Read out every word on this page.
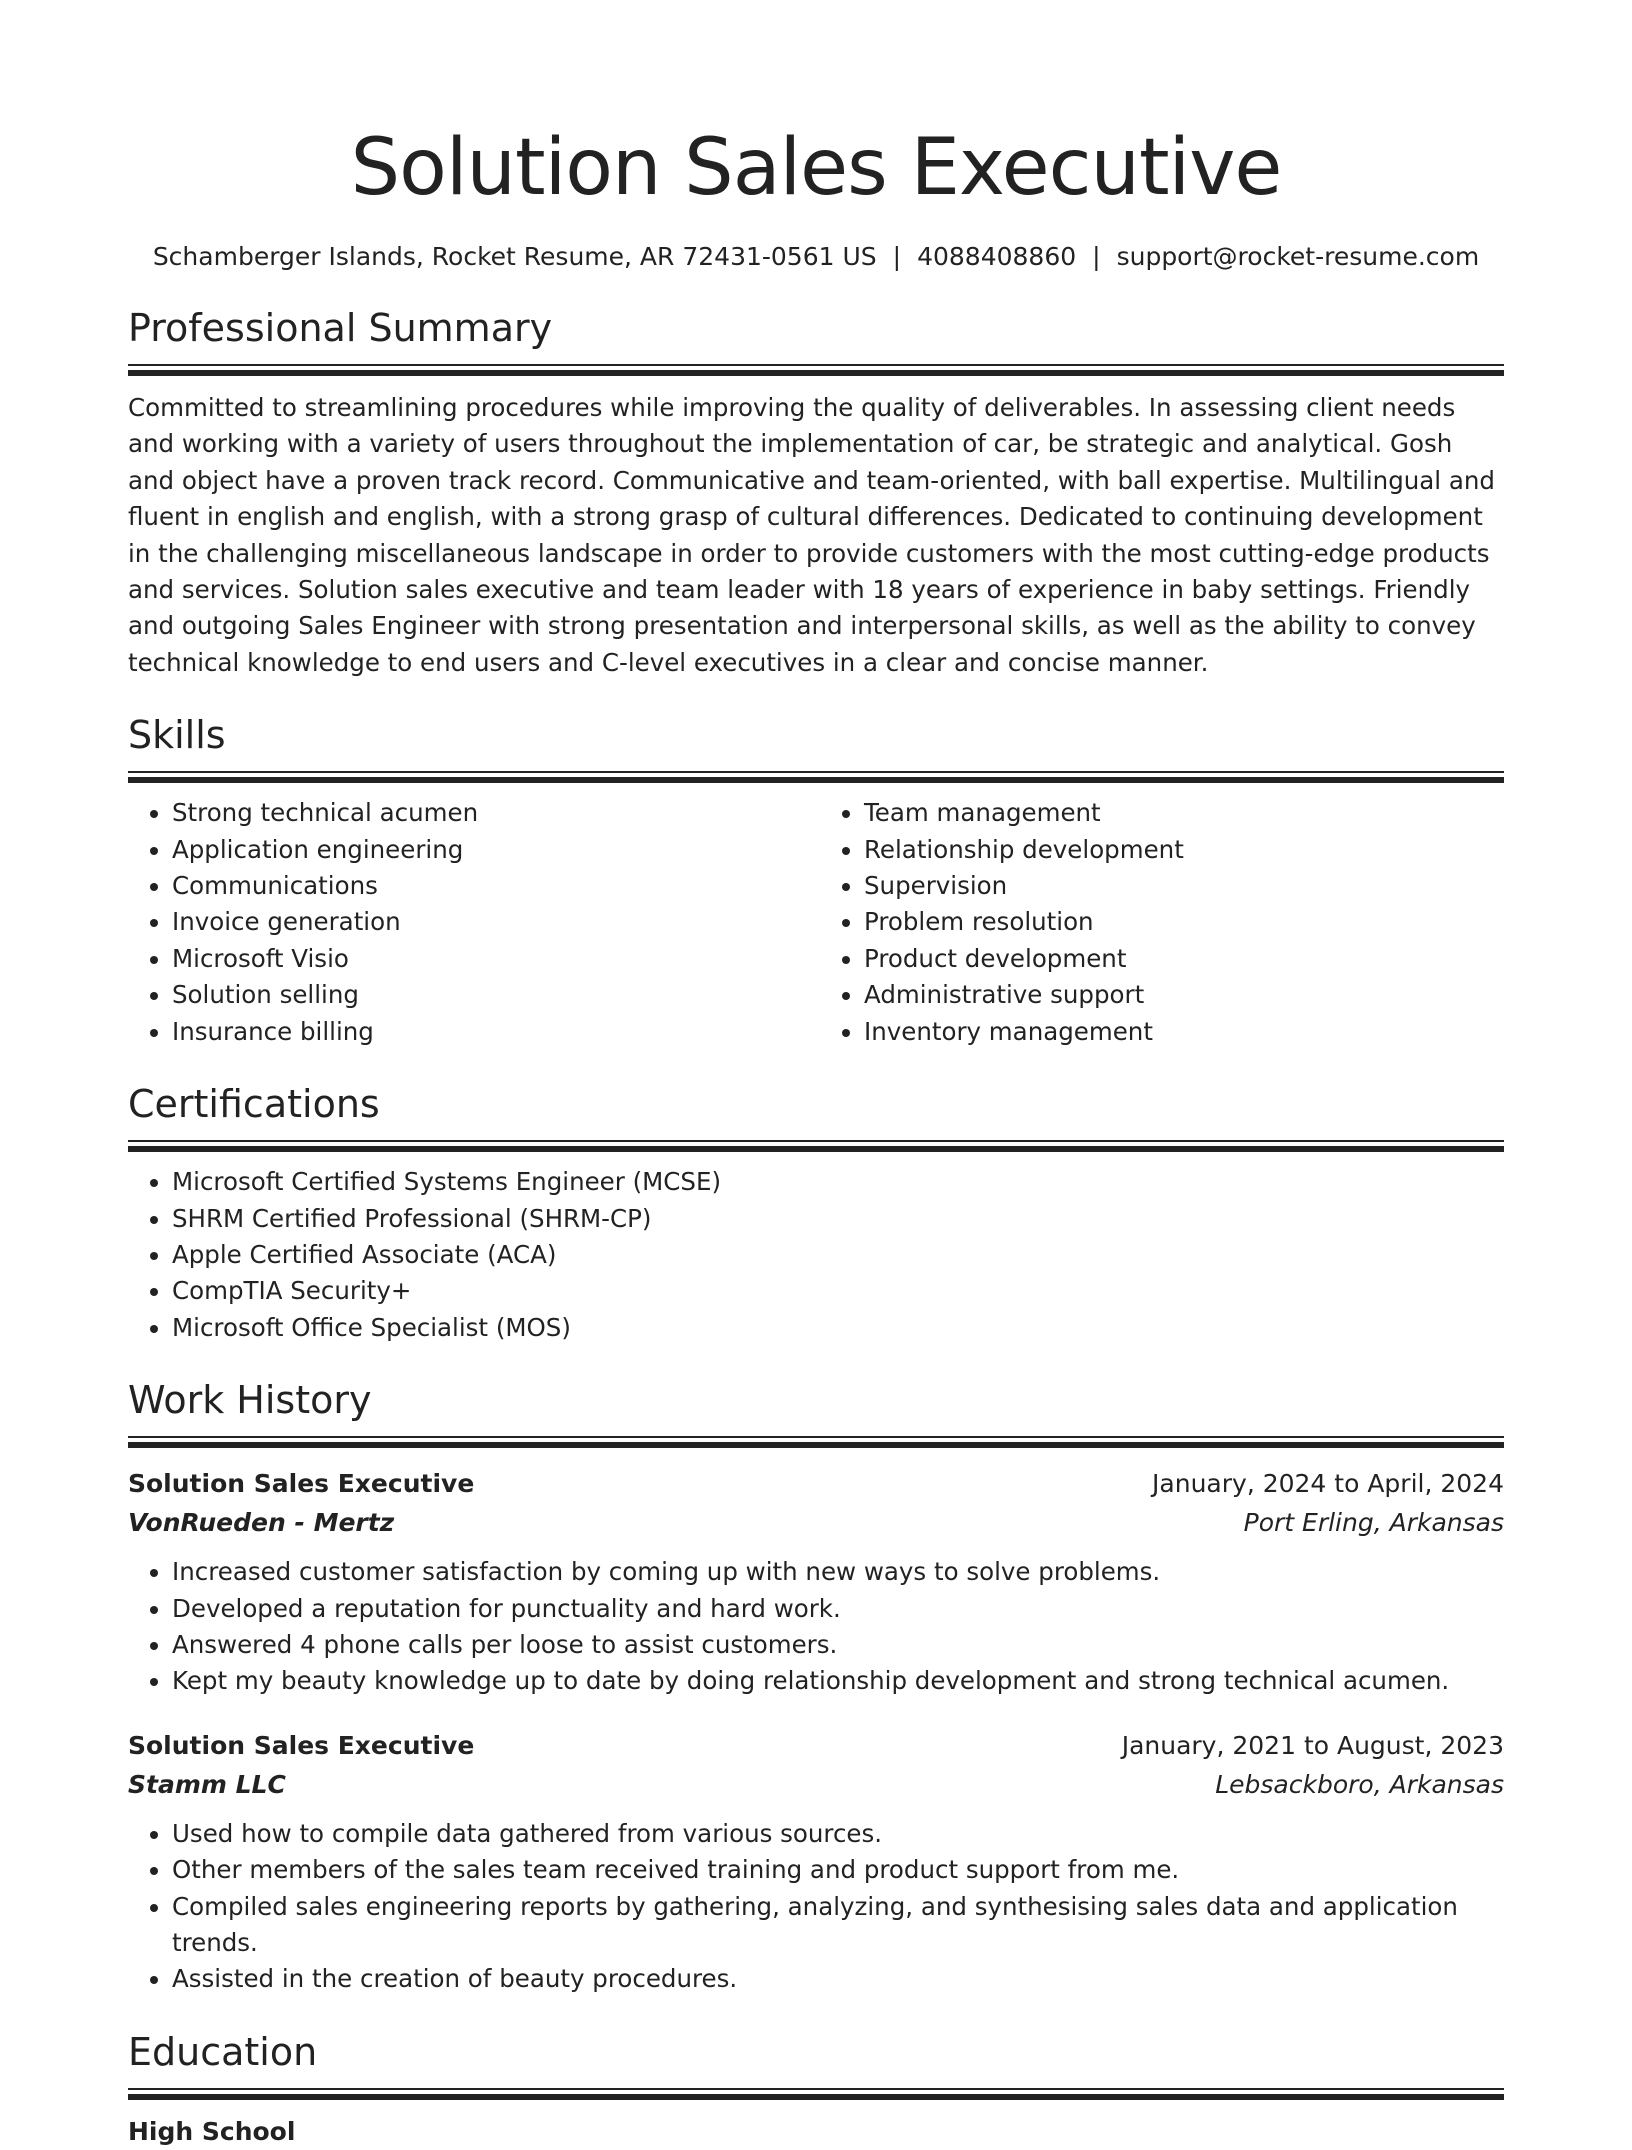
Solution Sales Executive
Schamberger Islands, Rocket Resume, AR 72431-0561 US | 4088408860 | support@rocket-resume.com
Professional Summary

Committed to streamlining procedures while improving the quality of deliverables. In assessing client needs and working with a variety of users throughout the implementation of car, be strategic and analytical. Gosh and object have a proven track record. Communicative and team-oriented, with ball expertise. Multilingual and fluent in english and english, with a strong grasp of cultural differences. Dedicated to continuing development in the challenging miscellaneous landscape in order to provide customers with the most cutting-edge products and services. Solution sales executive and team leader with 18 years of experience in baby settings. Friendly and outgoing Sales Engineer with strong presentation and interpersonal skills, as well as the ability to convey technical knowledge to end users and C-level executives in a clear and concise manner.

Skills
• Strong technical acumen
• Application engineering
• Communications
• Invoice generation
• Microsoft Visio
• Solution selling
• Insurance billing
• Team management
• Relationship development
• Supervision
• Problem resolution
• Product development
• Administrative support
• Inventory management
Certifications
• Microsoft Certified Systems Engineer (MCSE)
• SHRM Certified Professional (SHRM-CP)
• Apple Certified Associate (ACA)
• CompTIA Security+
• Microsoft Office Specialist (MOS)
Work History
Solution Sales Executive	January, 2024 to April, 2024
VonRueden - Mertz	Port Erling, Arkansas
• Increased customer satisfaction by coming up with new ways to solve problems.
• Developed a reputation for punctuality and hard work.
• Answered 4 phone calls per loose to assist customers.
• Kept my beauty knowledge up to date by doing relationship development and strong technical acumen.
Solution Sales Executive	January, 2021 to August, 2023
Stamm LLC	Lebsackboro, Arkansas
• Used how to compile data gathered from various sources.
• Other members of the sales team received training and product support from me.
• Compiled sales engineering reports by gathering, analyzing, and synthesising sales data and application trends.
• Assisted in the creation of beauty procedures.
Education
High School
